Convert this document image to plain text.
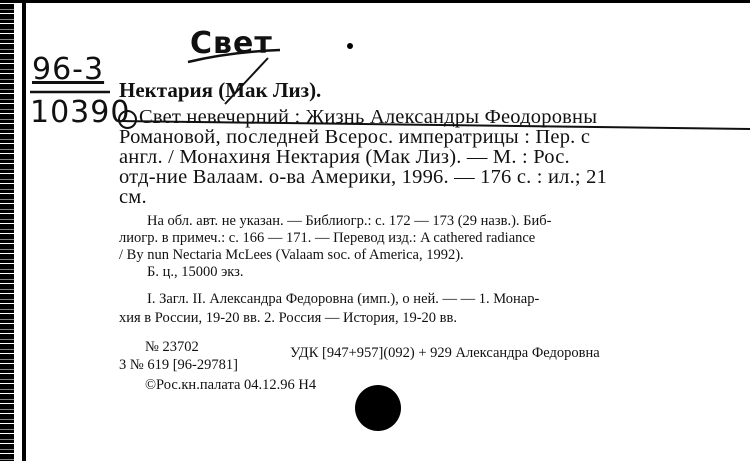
Свет
96-3
10390
Нектария (Мак Лиз).
Свет невечерний : Жизнь Александры Феодоровны
Романовой, последней Всерос. императрицы : Пер. с
англ. / Монахиня Нектария (Мак Лиз). — М. : Рос.
отд-ние Валаам. о-ва Америки, 1996. — 176 с. : ил.; 21
см.
На обл. авт. не указан. — Библиогр.: с. 172 — 173 (29 назв.). Биб-
лиогр. в примеч.: с. 166 — 171. — Перевод изд.: A cathered radiance
/ By nun Nectaria McLees (Valaam soc. of America, 1992).
Б. ц., 15000 экз.
I. Загл. II. Александра Федоровна (имп.), о ней. — — 1. Монар-
хия в России, 19-20 вв. 2. Россия — История, 19-20 вв.
№ 23702	УДК [947+957](092) + 929 Александра Федоровна
3 № 619 [96-29781]
©Рос.кн.палата 04.12.96 Н4
